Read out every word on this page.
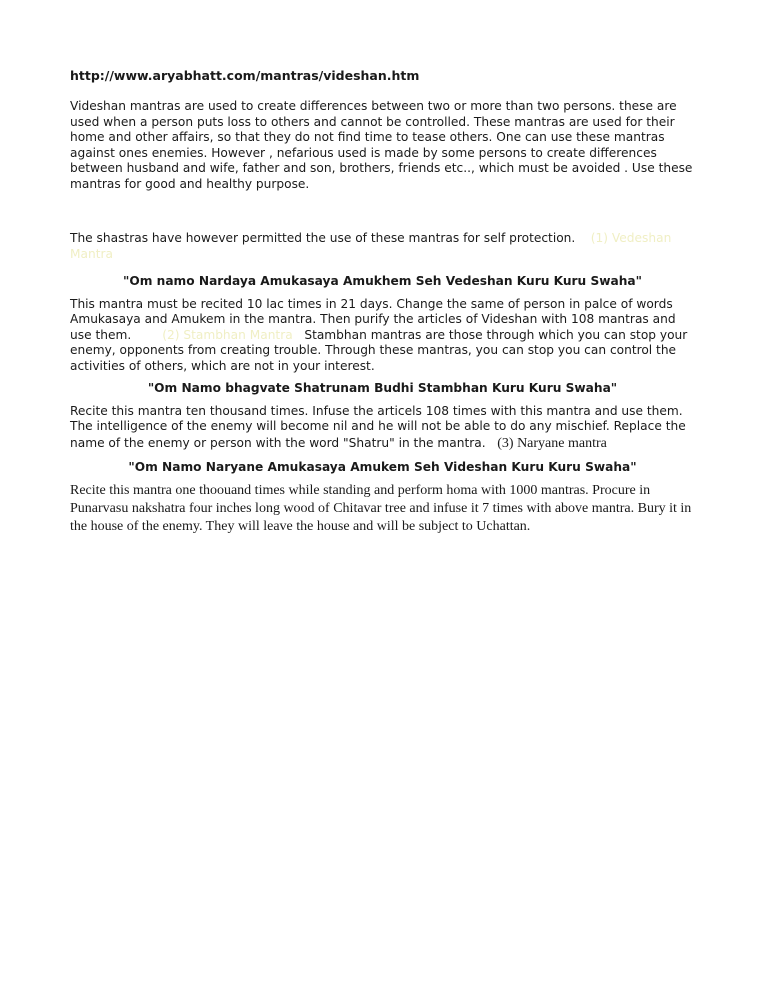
http://www.aryabhatt.com/mantras/videshan.htm

Videshan mantras are used to create differences between two or more than two persons. these are used when a person puts loss to others and cannot be controlled. These mantras are used for their home and other affairs, so that they do not find time to tease others. One can use these mantras against ones enemies. However , nefarious used is made by some persons to create differences between husband and wife, father and son, brothers, friends etc.., which must be avoided . Use these mantras for good and healthy purpose.

The shastras have however permitted the use of these mantras for self protection. (1) Vedeshan Mantra

"Om namo Nardaya Amukasaya Amukhem Seh Vedeshan Kuru Kuru Swaha"

This mantra must be recited 10 lac times in 21 days. Change the same of person in palce of words Amukasaya and Amukem in the mantra. Then purify the articles of Videshan with 108 mantras and use them.	(2) Stambhan Mantra Stambhan mantras are those through which you can stop your enemy, opponents from creating trouble. Through these mantras, you can stop you can control the activities of others, which are not in your interest.

"Om Namo bhagvate Shatrunam Budhi Stambhan Kuru Kuru Swaha"

Recite this mantra ten thousand times. Infuse the articels 108 times with this mantra and use them. The intelligence of the enemy will become nil and he will not be able to do any mischief. Replace the name of the enemy or person with the word "Shatru" in the mantra. (3) Naryane mantra

"Om Namo Naryane Amukasaya Amukem Seh Videshan Kuru Kuru Swaha"

Recite this mantra one thoouand times while standing and perform homa with 1000 mantras. Procure in Punarvasu nakshatra four inches long wood of Chitavar tree and infuse it 7 times with above mantra. Bury it in the house of the enemy. They will leave the house and will be subject to Uchattan.
